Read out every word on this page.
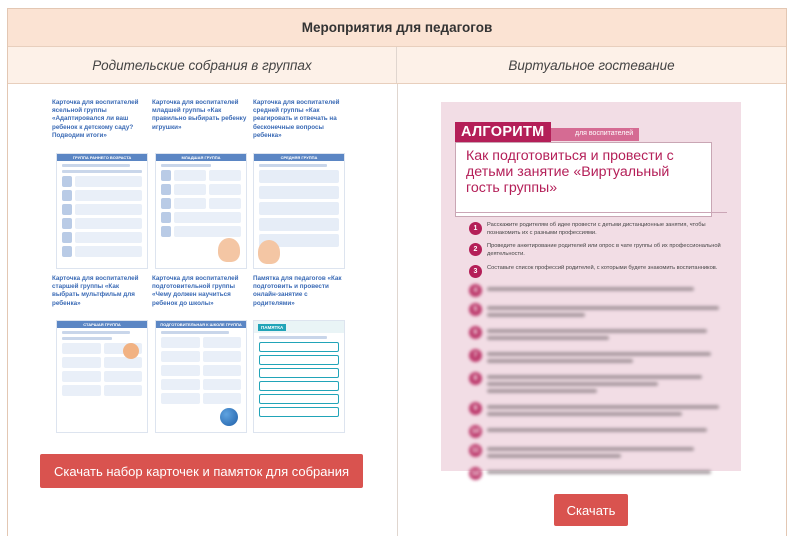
Мероприятия для педагогов
Родительские собрания в группах	Виртуальное гостевание
Карточка для воспитателей ясельной группы «Адаптировался ли ваш ребенок к детскому саду? Подводим итоги»
Карточка для воспитателей младшей группы «Как правильно выбирать ребенку игрушки»
Карточка для воспитателей средней группы «Как реагировать и отвечать на бесконечные вопросы ребенка»
ГРУППА РАННЕГО ВОЗРАСТА	МЛАДШАЯ ГРУППА	СРЕДНЯЯ ГРУППА
Карточка для воспитателей старшей группы «Как выбрать мультфильм для ребенка»
Карточка для воспитателей подготовительной группы «Чему должен научиться ребенок до школы»
Памятка для педагогов «Как подготовить и провести онлайн-занятие с родителями»
СТАРШАЯ ГРУППА	ПОДГОТОВИТЕЛЬНАЯ К ШКОЛЕ ГРУППА	ПАМЯТКА
Скачать набор карточек и памяток для собрания
для воспитателей
АЛГОРИТМ
Как подготовиться и провести с детьми занятие «Виртуальный гость группы»
1	Расскажите родителям об идее провести с детьми дистанционные занятия, чтобы познакомить их с разными профессиями.
2	Проведите анкетирование родителей или опрос в чате группы об их профессиональной деятельности.
3	Составьте список профессий родителей, с которыми будете знакомить воспитанников.
4
5
6
7
8
9
10
11
12
Скачать
